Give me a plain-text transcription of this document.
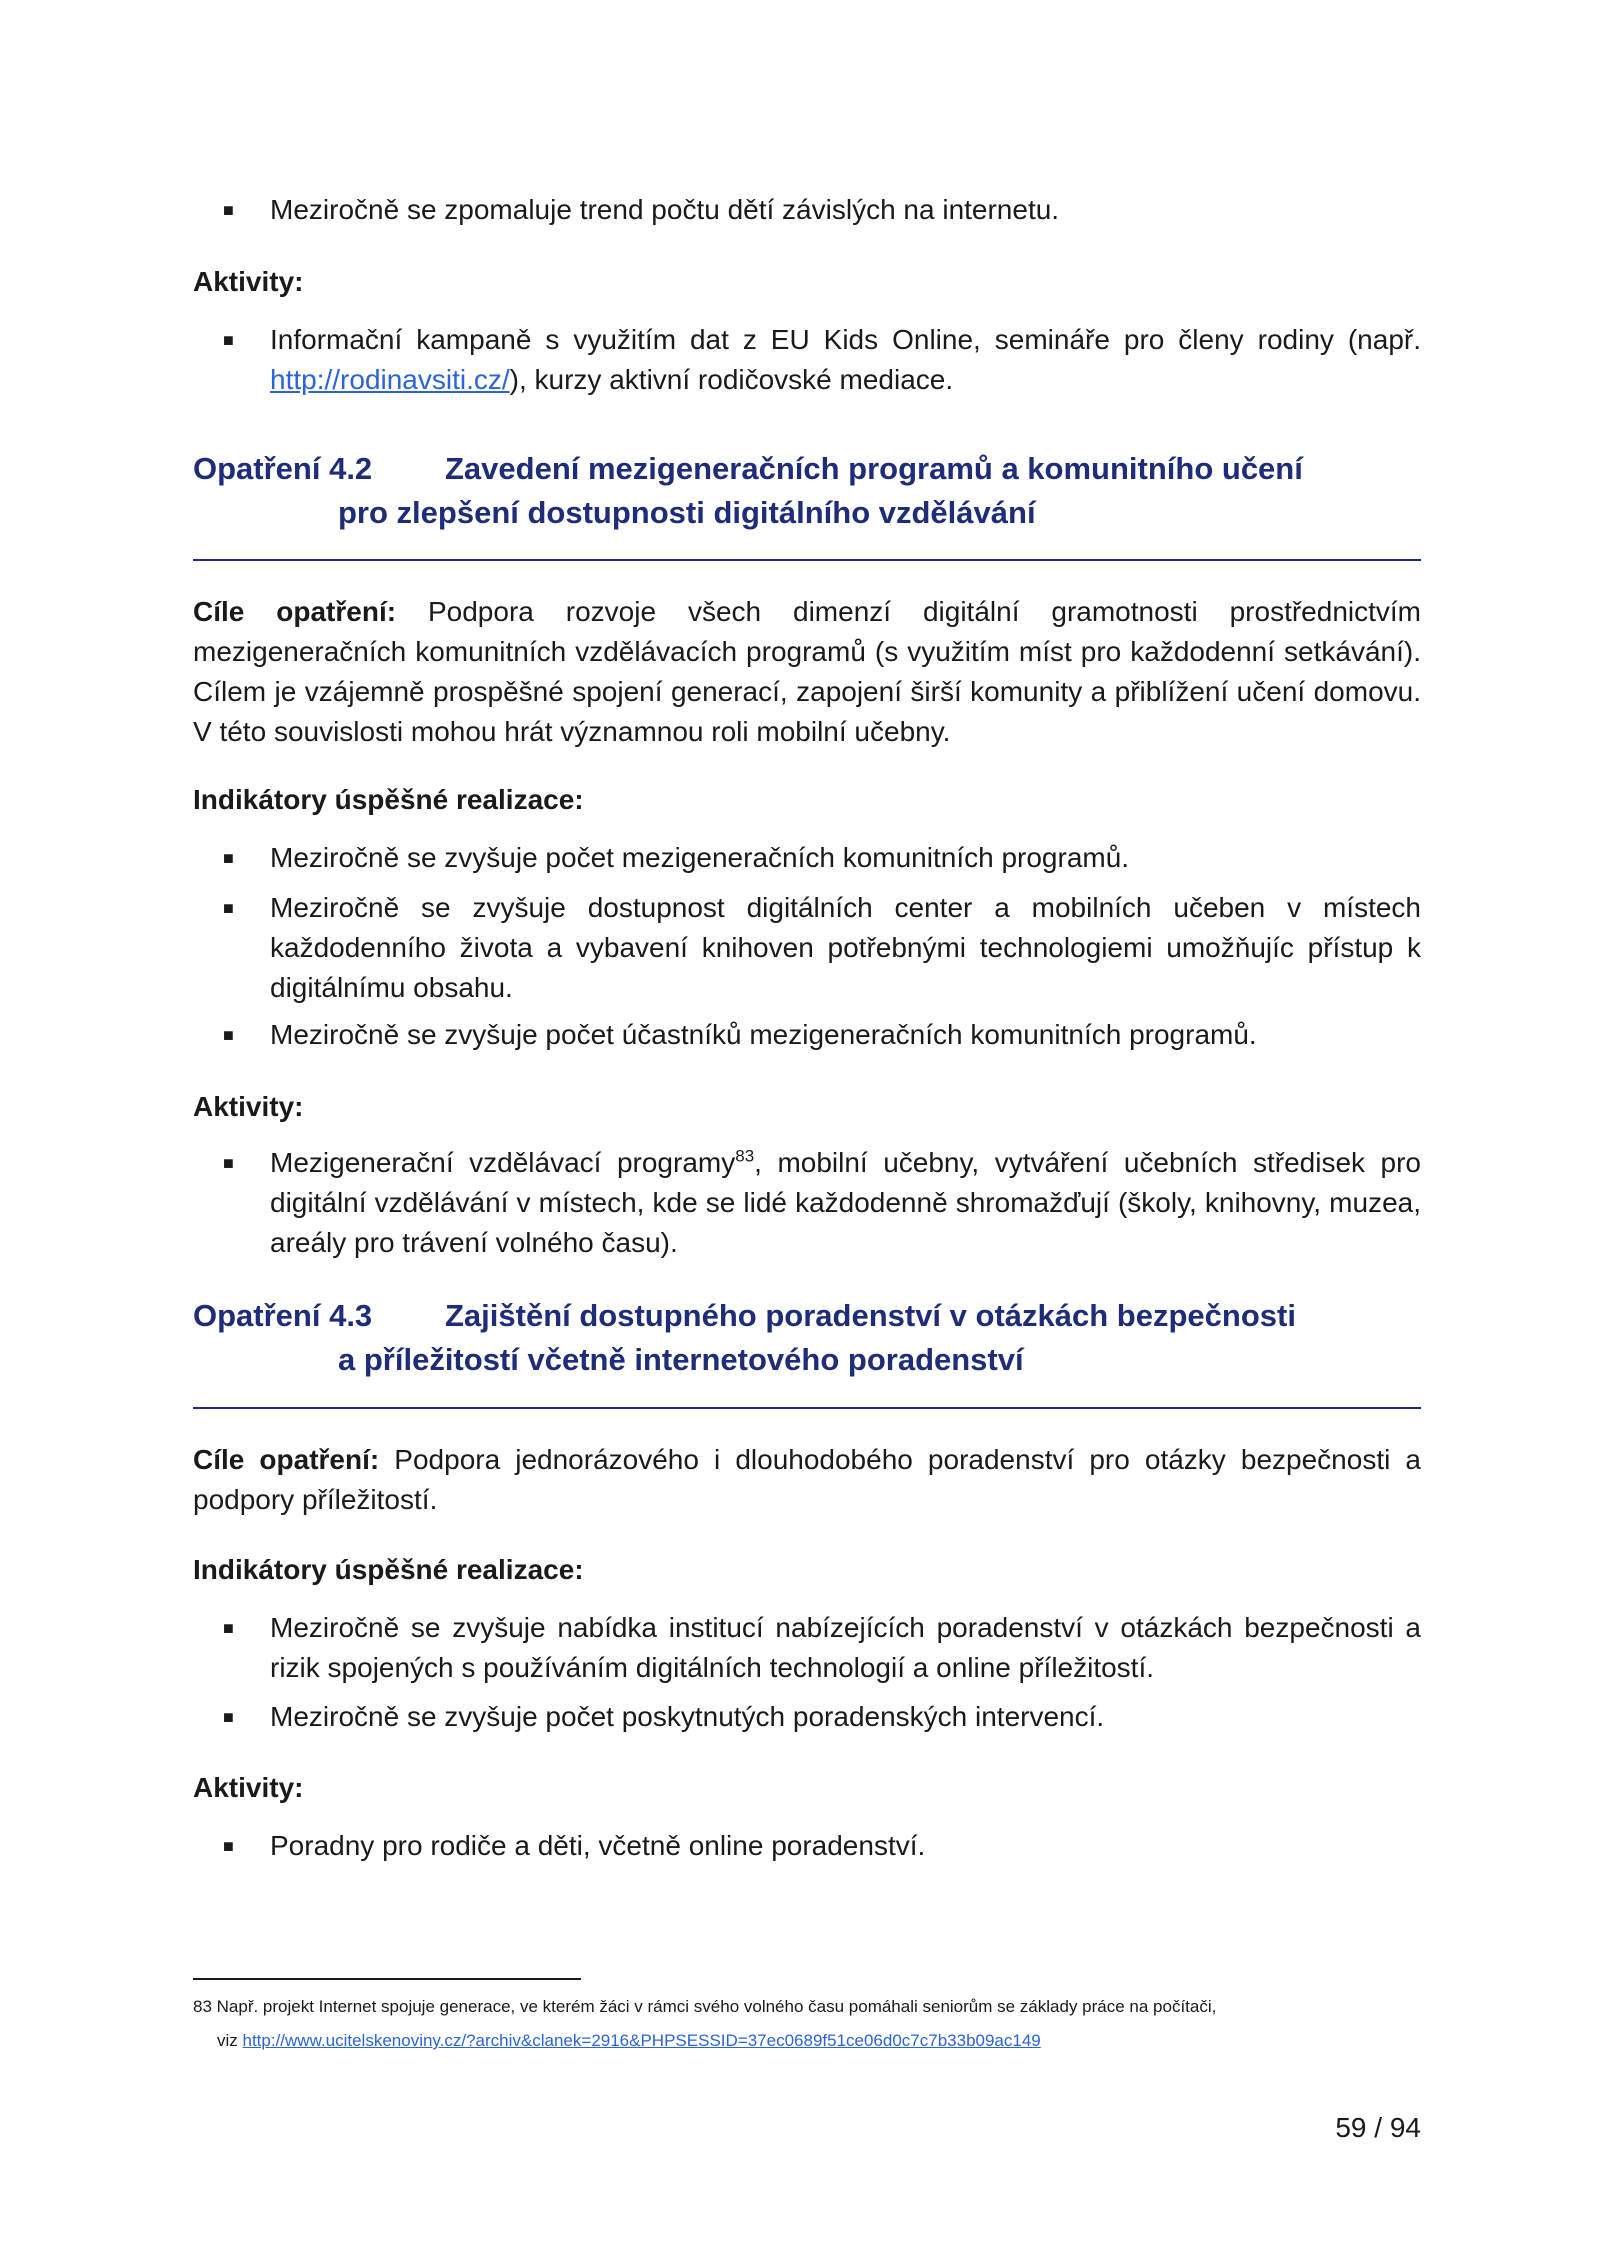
■ Meziročně se zpomaluje trend počtu dětí závislých na internetu.
Aktivity:
■ Informační kampaně s využitím dat z EU Kids Online, semináře pro členy rodiny (např. http://rodinavsiti.cz/), kurzy aktivní rodičovské mediace.
Opatření 4.2 Zavedení mezigeneračních programů a komunitního učení
pro zlepšení dostupnosti digitálního vzdělávání
Cíle opatření: Podpora rozvoje všech dimenzí digitální gramotnosti prostřednictvím mezigeneračních komunitních vzdělávacích programů (s využitím míst pro každodenní setkávání). Cílem je vzájemně prospěšné spojení generací, zapojení širší komunity a přiblížení učení domovu. V této souvislosti mohou hrát významnou roli mobilní učebny.
Indikátory úspěšné realizace:
■ Meziročně se zvyšuje počet mezigeneračních komunitních programů.
■ Meziročně se zvyšuje dostupnost digitálních center a mobilních učeben v místech každodenního života a vybavení knihoven potřebnými technologiemi umožňujíc přístup k digitálnímu obsahu.
■ Meziročně se zvyšuje počet účastníků mezigeneračních komunitních programů.
Aktivity:
■ Mezigenerační vzdělávací programy$^{83}$, mobilní učebny, vytváření učebních středisek pro digitální vzdělávání v místech, kde se lidé každodenně shromažďují (školy, knihovny, muzea, areály pro trávení volného času).
Opatření 4.3 Zajištění dostupného poradenství v otázkách bezpečnosti
a příležitostí včetně internetového poradenství
Cíle opatření: Podpora jednorázového i dlouhodobého poradenství pro otázky bezpečnosti a podpory příležitostí.
Indikátory úspěšné realizace:
■ Meziročně se zvyšuje nabídka institucí nabízejících poradenství v otázkách bezpečnosti a rizik spojených s používáním digitálních technologií a online příležitostí.
■ Meziročně se zvyšuje počet poskytnutých poradenských intervencí.
Aktivity:
■ Poradny pro rodiče a děti, včetně online poradenství.
83 Např. projekt Internet spojuje generace, ve kterém žáci v rámci svého volného času pomáhali seniorům se základy práce na počítači,
viz http://www.ucitelskenoviny.cz/?archiv&clanek=2916&PHPSESSID=37ec0689f51ce06d0c7c7b33b09ac149
59 / 94
